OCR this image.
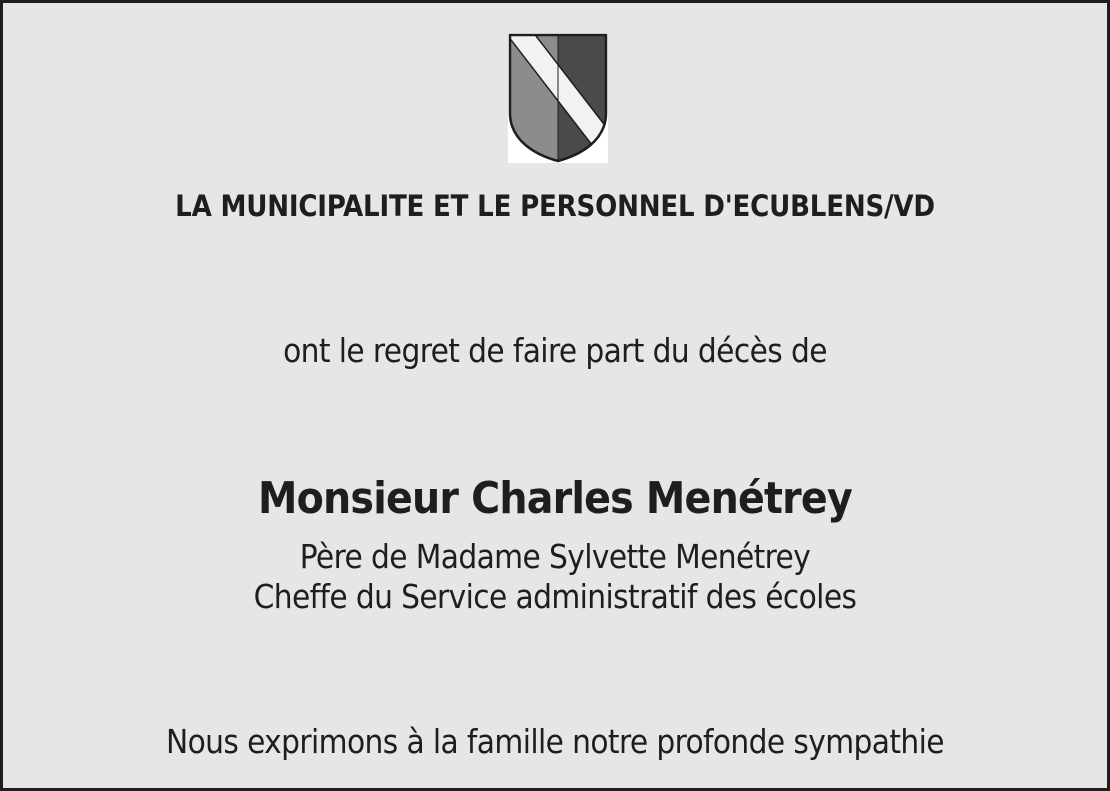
LA MUNICIPALITE ET LE PERSONNEL D'ECUBLENS/VD
ont le regret de faire part du décès de
Monsieur Charles Menétrey
Père de Madame Sylvette Menétrey
Cheffe du Service administratif des écoles
Nous exprimons à la famille notre profonde sympathie
